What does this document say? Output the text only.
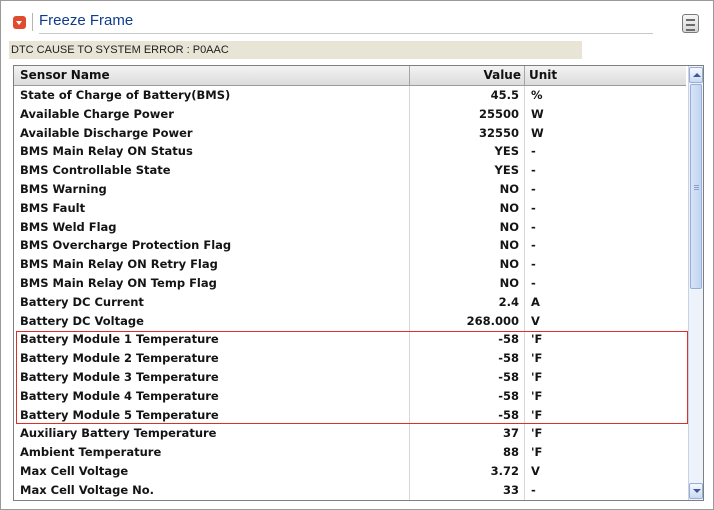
Freeze Frame
DTC CAUSE TO SYSTEM ERROR : P0AAC
Sensor Name	Value Unit
State of Charge of Battery(BMS)	45.5 %
Available Charge Power	25500 W
Available Discharge Power	32550 W
BMS Main Relay ON Status	YES -
BMS Controllable State	YES -
BMS Warning	NO -
BMS Fault	NO -
BMS Weld Flag	NO -
BMS Overcharge Protection Flag	NO -
BMS Main Relay ON Retry Flag	NO -
BMS Main Relay ON Temp Flag	NO -
Battery DC Current	2.4 A
Battery DC Voltage	268.000 V
Battery Module 1 Temperature	-58 'F
Battery Module 2 Temperature	-58 'F
Battery Module 3 Temperature	-58 'F
Battery Module 4 Temperature	-58 'F
Battery Module 5 Temperature	-58 'F
Auxiliary Battery Temperature	37 'F
Ambient Temperature	88 'F
Max Cell Voltage	3.72 V
Max Cell Voltage No.	33 -
